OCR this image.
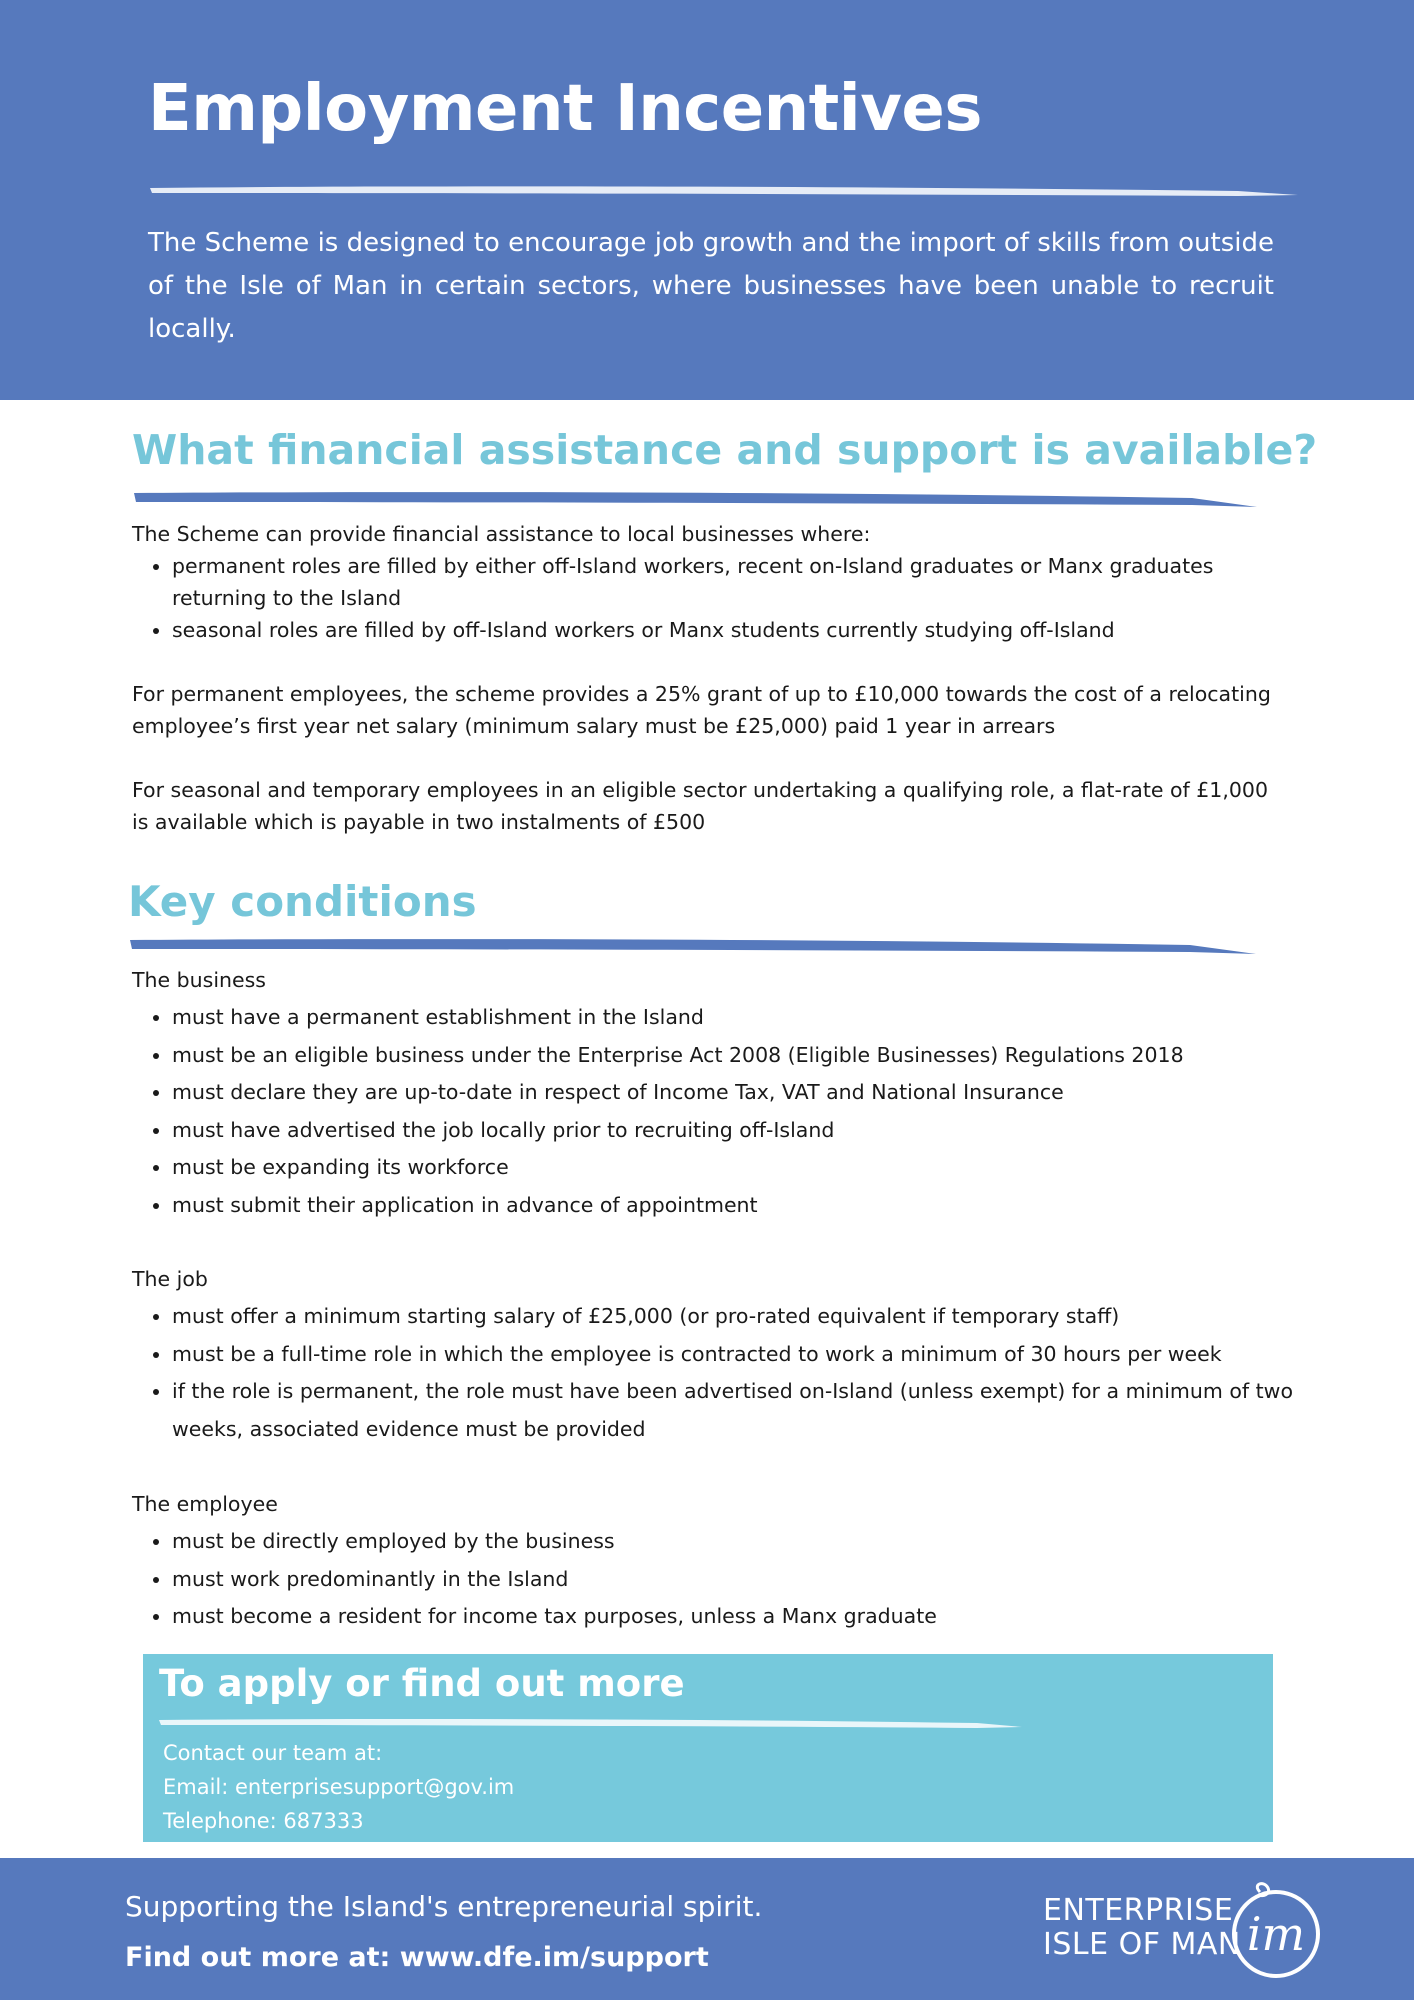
Employment Incentives

The Scheme is designed to encourage job growth and the import of skills from outside of the Isle of Man in certain sectors, where businesses have been unable to recruit locally.

What financial assistance and support is available?

The Scheme can provide financial assistance to local businesses where:

• permanent roles are filled by either off-Island workers, recent on-Island graduates or Manx graduates returning to the Island
• seasonal roles are filled by off-Island workers or Manx students currently studying off-Island

For permanent employees, the scheme provides a 25% grant of up to £10,000 towards the cost of a relocating employee’s first year net salary (minimum salary must be £25,000) paid 1 year in arrears

For seasonal and temporary employees in an eligible sector undertaking a qualifying role, a flat-rate of £1,000 is available which is payable in two instalments of £500

Key conditions

The business

• must have a permanent establishment in the Island
• must be an eligible business under the Enterprise Act 2008 (Eligible Businesses) Regulations 2018
• must declare they are up-to-date in respect of Income Tax, VAT and National Insurance
• must have advertised the job locally prior to recruiting off-Island
• must be expanding its workforce
• must submit their application in advance of appointment

The job

• must offer a minimum starting salary of £25,000 (or pro-rated equivalent if temporary staff)
• must be a full-time role in which the employee is contracted to work a minimum of 30 hours per week
• if the role is permanent, the role must have been advertised on-Island (unless exempt) for a minimum of two weeks, associated evidence must be provided

The employee

• must be directly employed by the business
• must work predominantly in the Island
• must become a resident for income tax purposes, unless a Manx graduate
To apply or find out more
Contact our team at:
Email: enterprisesupport@gov.im
Telephone: 687333

Supporting the Island's entrepreneurial spirit.

Find out more at: www.dfe.im/support

ENTERPRISE
ISLE OF MAN im
